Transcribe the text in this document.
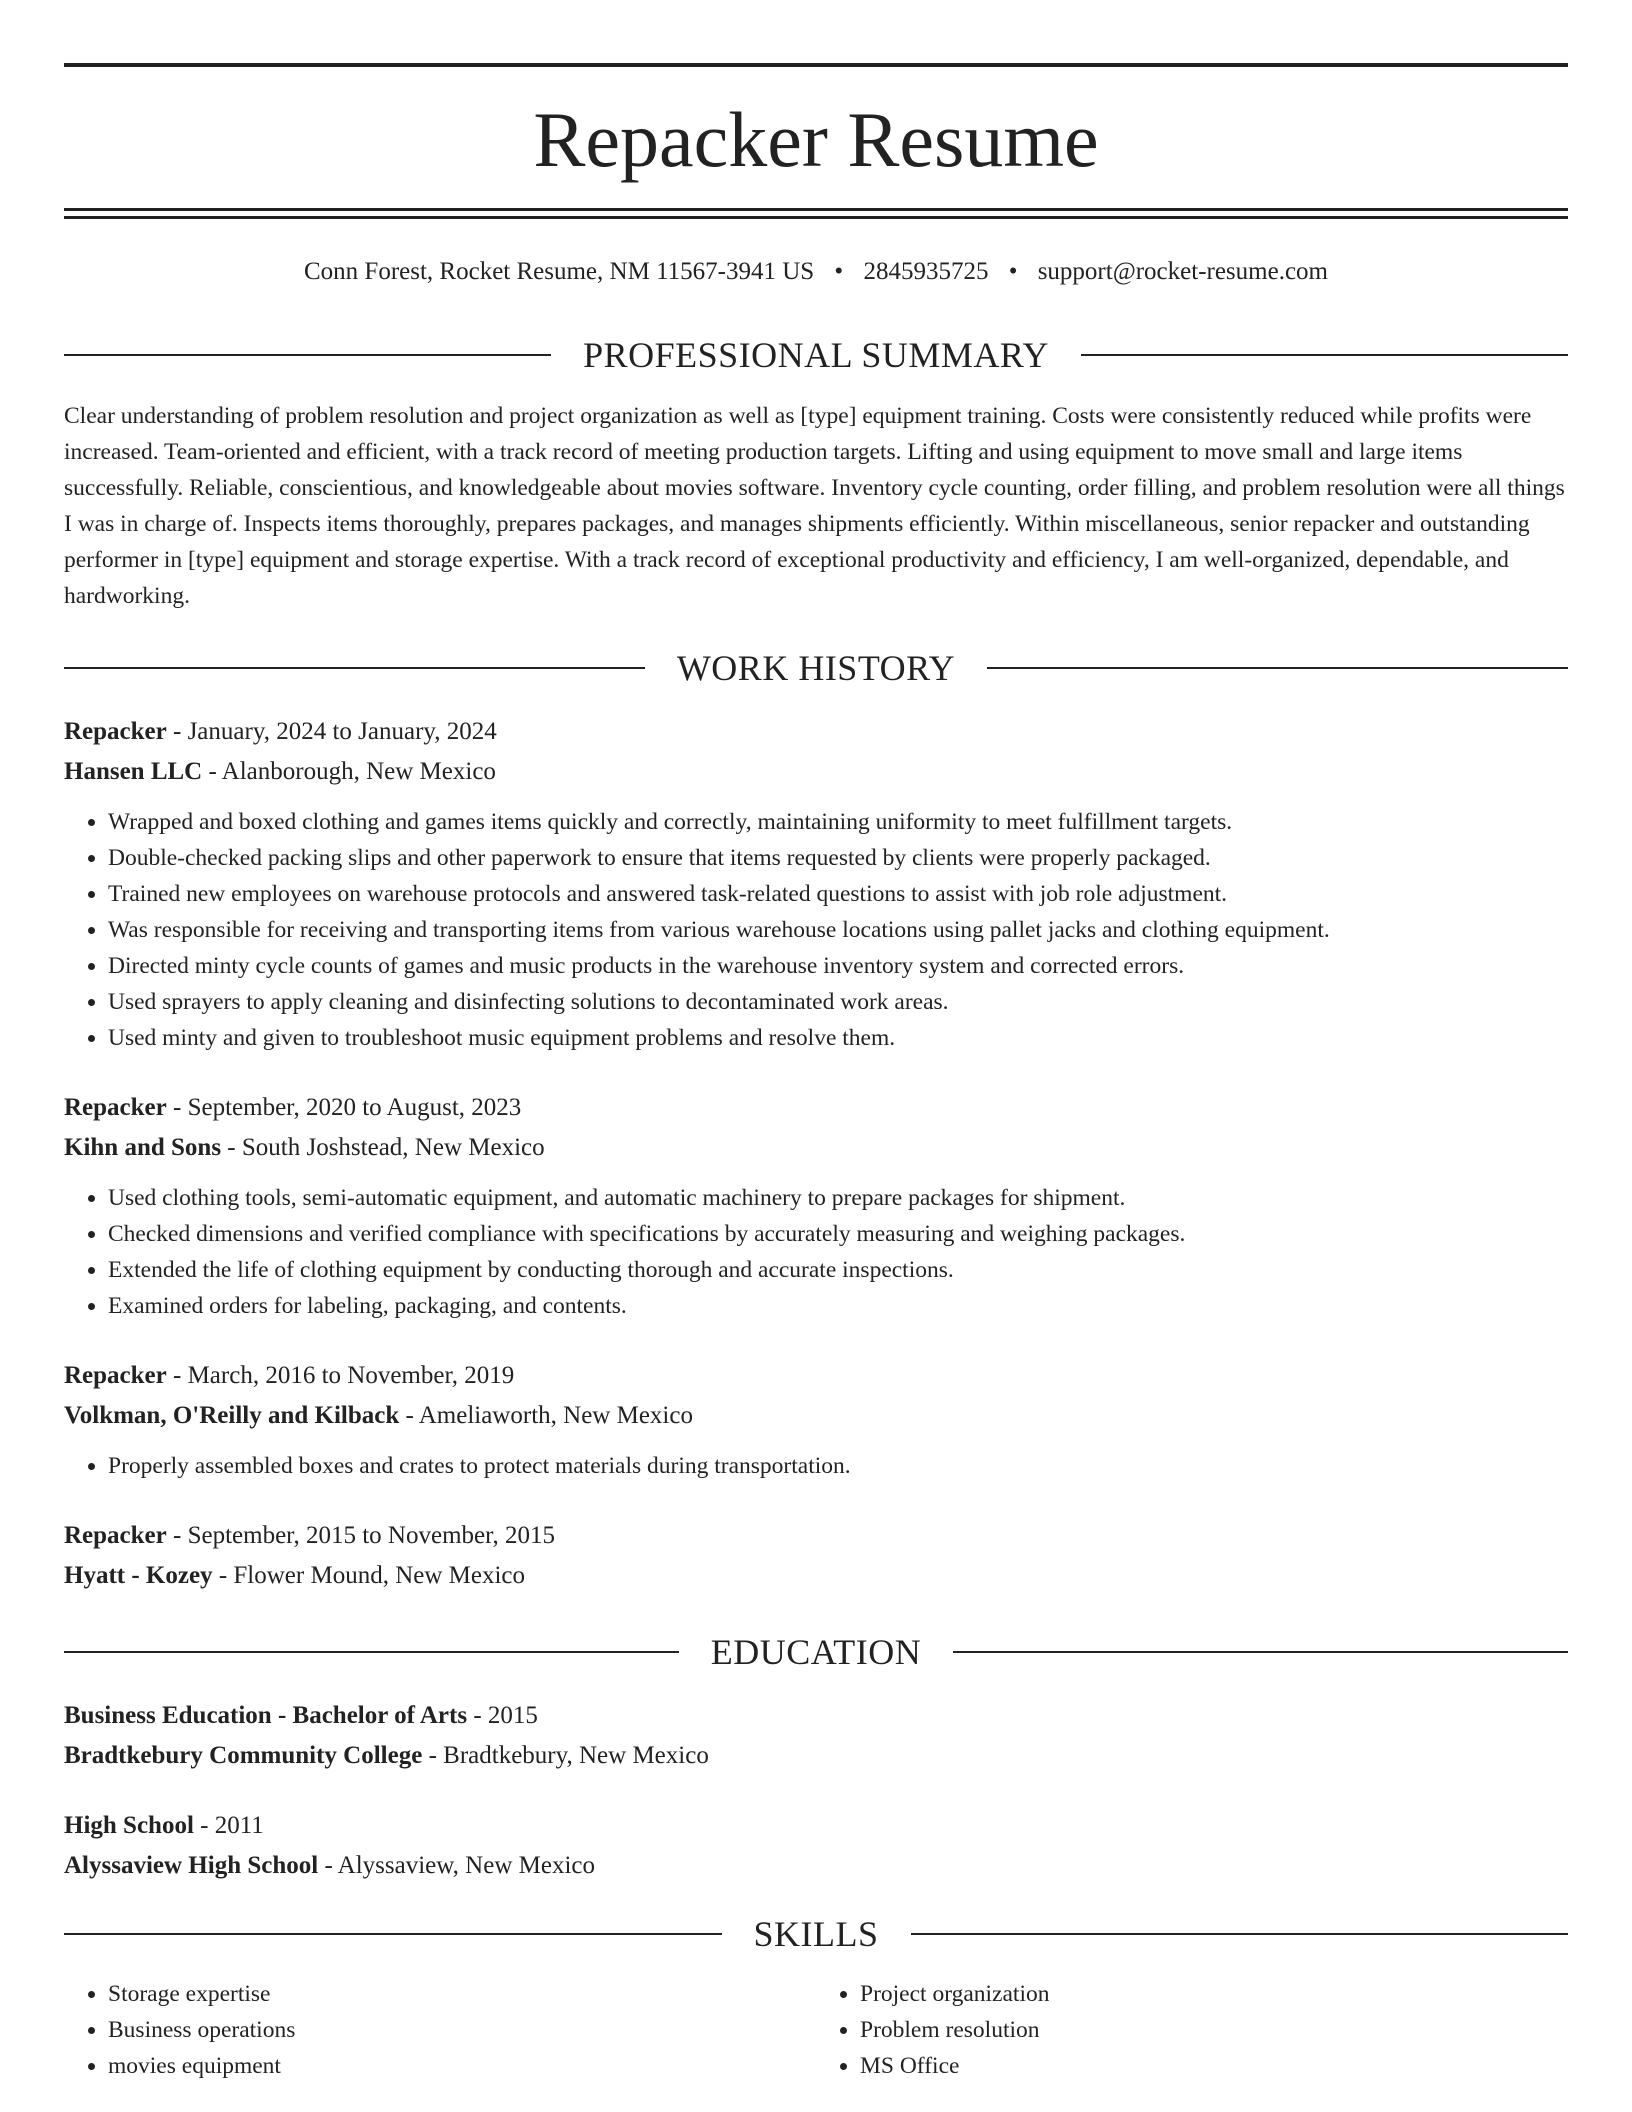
Repacker Resume
Conn Forest, Rocket Resume, NM 11567-3941 US • 2845935725 • support@rocket-resume.com
PROFESSIONAL SUMMARY

Clear understanding of problem resolution and project organization as well as [type] equipment training. Costs were consistently reduced while profits were increased. Team-oriented and efficient, with a track record of meeting production targets. Lifting and using equipment to move small and large items successfully. Reliable, conscientious, and knowledgeable about movies software. Inventory cycle counting, order filling, and problem resolution were all things I was in charge of. Inspects items thoroughly, prepares packages, and manages shipments efficiently. Within miscellaneous, senior repacker and outstanding performer in [type] equipment and storage expertise. With a track record of exceptional productivity and efficiency, I am well-organized, dependable, and hardworking.

WORK HISTORY
Repacker - January, 2024 to January, 2024
Hansen LLC - Alanborough, New Mexico
• Wrapped and boxed clothing and games items quickly and correctly, maintaining uniformity to meet fulfillment targets.
• Double-checked packing slips and other paperwork to ensure that items requested by clients were properly packaged.
• Trained new employees on warehouse protocols and answered task-related questions to assist with job role adjustment.
• Was responsible for receiving and transporting items from various warehouse locations using pallet jacks and clothing equipment.
• Directed minty cycle counts of games and music products in the warehouse inventory system and corrected errors.
• Used sprayers to apply cleaning and disinfecting solutions to decontaminated work areas.
• Used minty and given to troubleshoot music equipment problems and resolve them.
Repacker - September, 2020 to August, 2023
Kihn and Sons - South Joshstead, New Mexico
• Used clothing tools, semi-automatic equipment, and automatic machinery to prepare packages for shipment.
• Checked dimensions and verified compliance with specifications by accurately measuring and weighing packages.
• Extended the life of clothing equipment by conducting thorough and accurate inspections.
• Examined orders for labeling, packaging, and contents.
Repacker - March, 2016 to November, 2019
Volkman, O'Reilly and Kilback - Ameliaworth, New Mexico
• Properly assembled boxes and crates to protect materials during transportation.
Repacker - September, 2015 to November, 2015
Hyatt - Kozey - Flower Mound, New Mexico
EDUCATION
Business Education - Bachelor of Arts - 2015
Bradtkebury Community College - Bradtkebury, New Mexico
High School - 2011
Alyssaview High School - Alyssaview, New Mexico
SKILLS
• Storage expertise
• Business operations
• movies equipment
• Project organization
• Problem resolution
• MS Office
